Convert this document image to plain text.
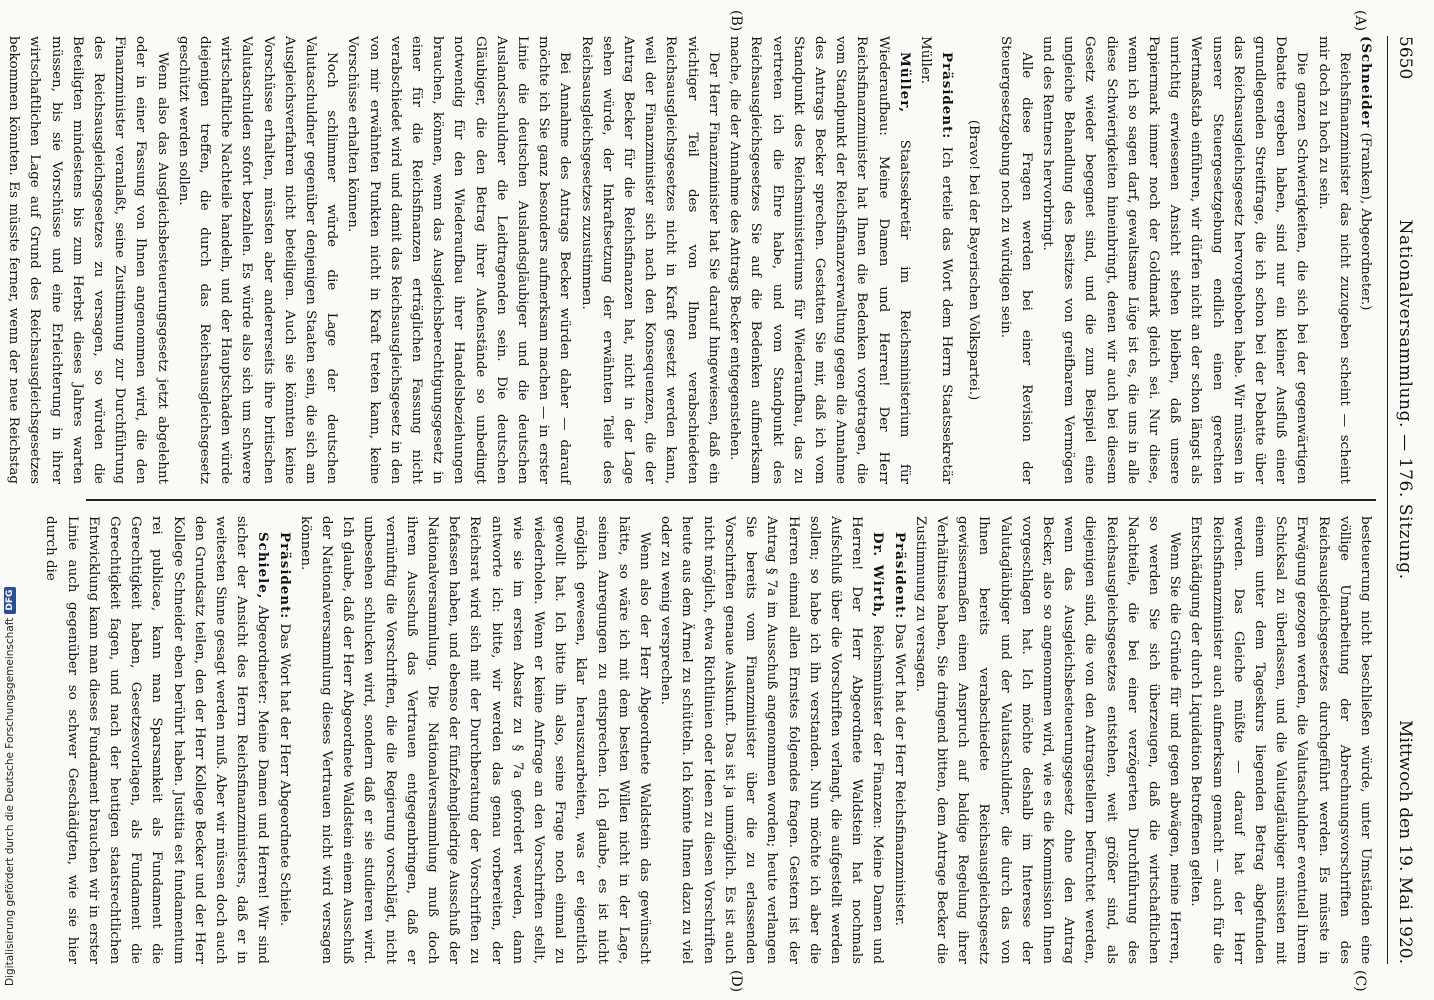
5650
Nationalversammlung. — 176. Sitzung.
Mittwoch den 19. Mai 1920.
(A)
(B)
(C)
(D)

(Schneider (Franken), Abgeordneter.)

Reichsfinanzminister das nicht zuzugeben scheint — scheint mir doch zu hoch zu sein.

Die ganzen Schwierigkeiten, die sich bei der gegenwärtigen Debatte ergeben haben, sind nur ein kleiner Ausfluß einer grundlegenden Streitfrage, die ich schon bei der Debatte über das Reichsausgleichsgesetz hervorgehoben habe. Wir müssen in unserer Steuergesetzgebung endlich einen gerechten Wertmaßstab einführen, wir dürfen nicht an der schon längst als unrichtig erwiesenen Ansicht stehen bleiben, daß unsere Papiermark immer noch der Goldmark gleich sei. Nur diese, wenn ich so sagen darf, gewaltsame Lüge ist es, die uns in alle diese Schwierigkeiten hineinbringt, denen wir auch bei diesem Gesetz wieder begegnet sind, und die zum Beispiel eine ungleiche Behandlung des Besitzes von greifbarem Vermögen und des Rentners hervorbringt.

Alle diese Fragen werden bei einer Revision der Steuergesetzgebung noch zu würdigen sein.

(Bravo! bei der Bayerischen Volkspartei.)

Präsident: Ich erteile das Wort dem Herrn Staatssekretär Müller.

Müller, Staatssekretär im Reichsministerium für Wiederaufbau: Meine Damen und Herren! Der Herr Reichsfinanzminister hat Ihnen die Bedenken vorgetragen, die vom Standpunkt der Reichsfinanzverwaltung gegen die Annahme des Antrags Becker sprechen. Gestatten Sie mir, daß ich vom Standpunkt des Reichsministeriums für Wiederaufbau, das zu vertreten ich die Ehre habe, und vom Standpunkt des Reichsausgleichsgesetzes Sie auf die Bedenken aufmerksam mache, die der Annahme des Antrags Becker entgegenstehen.

Der Herr Finanzminister hat Sie darauf hingewiesen, daß ein wichtiger Teil des von Ihnen verabschiedeten Reichsausgleichsgesetzes nicht in Kraft gesetzt werden kann, weil der Finanzminister sich nach den Konsequenzen, die der Antrag Becker für die Reichsfinanzen hat, nicht in der Lage sehen würde, der Inkraftsetzung der erwähnten Teile des Reichsausgleichsgesetzes zuzustimmen.

Bei Annahme des Antrags Becker würden daher — darauf möchte ich Sie ganz besonders aufmerksam machen — in erster Linie die deutschen Auslandsgläubiger und die deutschen Auslandsschuldner die Leidtragenden sein. Die deutschen Gläubiger, die den Betrag ihrer Außenstände so unbedingt notwendig für den Wiederaufbau ihrer Handelsbeziehungen brauchen, können, wenn das Ausgleichsberechtigungsgesetz in einer für die Reichsfinanzen erträglichen Fassung nicht verabschiedet wird und damit das Reichsausgleichsgesetz in den von mir erwähnten Punkten nicht in Kraft treten kann, keine Vorschüsse erhalten können.

Noch schlimmer würde die Lage der deutschen Valutaschuldner gegenüber denjenigen Staaten sein, die sich am Ausgleichsverfahren nicht beteiligen. Auch sie könnten keine Vorschüsse erhalten, müssten aber andererseits ihre britischen Valutaschulden sofort bezahlen. Es würde also sich um schwere wirtschaftliche Nachteile handeln, und der Hauptschaden würde diejenigen treffen, die durch das Reichsausgleichsgesetz geschützt werden sollen.

Wenn also das Ausgleichsbesteuerungsgesetz jetzt abgelehnt oder in einer Fassung von Ihnen angenommen wird, die den Finanzminister veranlaßt, seine Zustimmung zur Durchführung des Reichsausgleichsgesetzes zu versagen, so würden die Beteiligten mindestens bis zum Herbst dieses Jahres warten müssen, bis sie Vorschüsse und eine Erleichterung in ihrer wirtschaftlichen Lage auf Grund des Reichsausgleichsgesetzes bekommen könnten. Es müsste ferner, wenn der neue Reichstag

besteuerung nicht beschließen würde, unter Umständen eine völlige Umarbeitung der Abrechnungsvorschriften des Reichsausgleichsgesetzes durchgeführt werden. Es müsste in Erwägung gezogen werden, die Valutaschuldner eventuell ihrem Schicksal zu überlassen, und die Valutagläubiger müssten mit einem unter dem Tageskurs liegenden Betrag abgefunden werden. Das Gleiche müßte — darauf hat der Herr Reichsfinanzminister auch aufmerksam gemacht — auch für die Entschädigung der durch Liquidation Betroffenen gelten.

Wenn Sie die Gründe für und gegen abwägen, meine Herren, so werden Sie sich überzeugen, daß die wirtschaftlichen Nachteile, die bei einer verzögerten Durchführung des Reichsausgleichsgesetzes entstehen, weit größer sind, als diejenigen sind, die von den Antragstellern befürchtet werden, wenn das Ausgleichsbesteuerungsgesetz ohne den Antrag Becker, also so angenommen wird, wie es die Kommission Ihnen vorgeschlagen hat. Ich möchte deshalb im Interesse der Valutagläubiger und der Valutaschuldner, die durch das von Ihnen bereits verabschiedete Reichsausgleichsgesetz gewissermaßen einen Anspruch auf baldige Regelung ihrer Verhältnisse haben, Sie dringend bitten, dem Antrage Becker die Zustimmung zu versagen.

Präsident: Das Wort hat der Herr Reichsfinanzminister.

Dr. Wirth, Reichsminister der Finanzen: Meine Damen und Herren! Der Herr Abgeordnete Waldstein hat nochmals Aufschluß über die Vorschriften verlangt, die aufgestellt werden sollen; so habe ich ihn verstanden. Nun möchte ich aber die Herren einmal allen Ernstes folgendes fragen. Gestern ist der Antrag § 7a im Ausschuß angenommen worden; heute verlangen Sie bereits vom Finanzminister über die zu erlassenden Vorschriften genaue Auskunft. Das ist ja unmöglich. Es ist auch nicht möglich, etwa Richtlinien oder Ideen zu diesen Vorschriften heute aus dem Ärmel zu schütteln. Ich könnte Ihnen dazu zu viel oder zu wenig versprechen.

Wenn also der Herr Abgeordnete Waldstein das gewünscht hätte, so wäre ich mit dem besten Willen nicht in der Lage, seinen Anregungen zu entsprechen. Ich glaube, es ist nicht möglich gewesen, klar herauszuarbeiten, was er eigentlich gewollt hat. Ich bitte ihn also, seine Frage noch einmal zu wiederholen. Wenn er keine Anfrage an den Vorschriften stellt, wie sie im ersten Absatz zu § 7a gefordert werden, dann antworte ich: bitte, wir werden das genau vorbereiten, der Reichsrat wird sich mit der Durchberatung der Vorschriften zu befassen haben, und ebenso der fünfzehngliedrige Ausschuß der Nationalversammlung. Die Nationalversammlung muß doch ihrem Ausschuß das Vertrauen entgegenbringen, daß er vernünftig die Vorschriften, die die Regierung vorschlägt, nicht unbesehen schlucken wird, sondern daß er sie studieren wird. Ich glaube, daß der Herr Abgeordnete Waldstein einem Ausschuß der Nationalversammlung dieses Vertrauen nicht wird versagen können.

Präsident: Das Wort hat der Herr Abgeordnete Schiele.

Schiele, Abgeordneter: Meine Damen und Herren! Wir sind sicher der Ansicht des Herrn Reichsfinanzministers, daß er in weitesten Sinne gesagt werden muß. Aber wir müssen doch auch den Grundsatz teilen, den der Herr Kollege Becker und der Herr Kollege Schneider eben berührt haben. Justitia est fundamentum rei publicae, kann man Sparsamkeit als Fundament die Gerechtigkeit haben, Gesetzesvorlagen, als Fundament die Gerechtigkeit fagen, und nach der heutigen staatsrechtlichen Entwicklung kann man dieses Fundament brauchen wir in erster Linie auch gegenüber so schwer Geschädigten, wie sie hier durch die

Digitalisierung gefördert durch die Deutsche Forschungsgemeinschaft
DFG
